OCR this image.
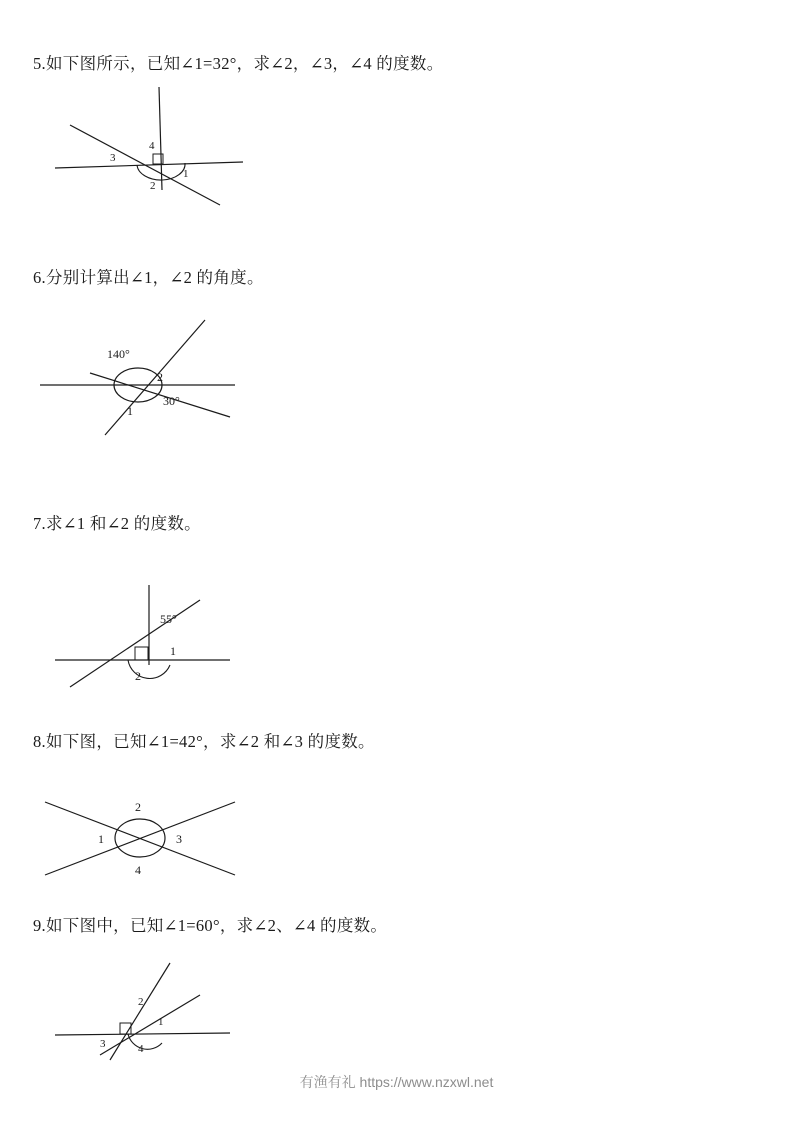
5.如下图所示，已知∠1=32°，求∠2，∠3，∠4 的度数。
4
3
1
2
6.分别计算出∠1，∠2 的角度。
140°
2
30°
1
7.求∠1 和∠2 的度数。
55°
1
2
8.如下图，已知∠1=42°，求∠2 和∠3 的度数。
2
1	3
4
9.如下图中，已知∠1=60°，求∠2、∠4 的度数。
2
1
3	4
有渔有礼 https://www.nzxwl.net
